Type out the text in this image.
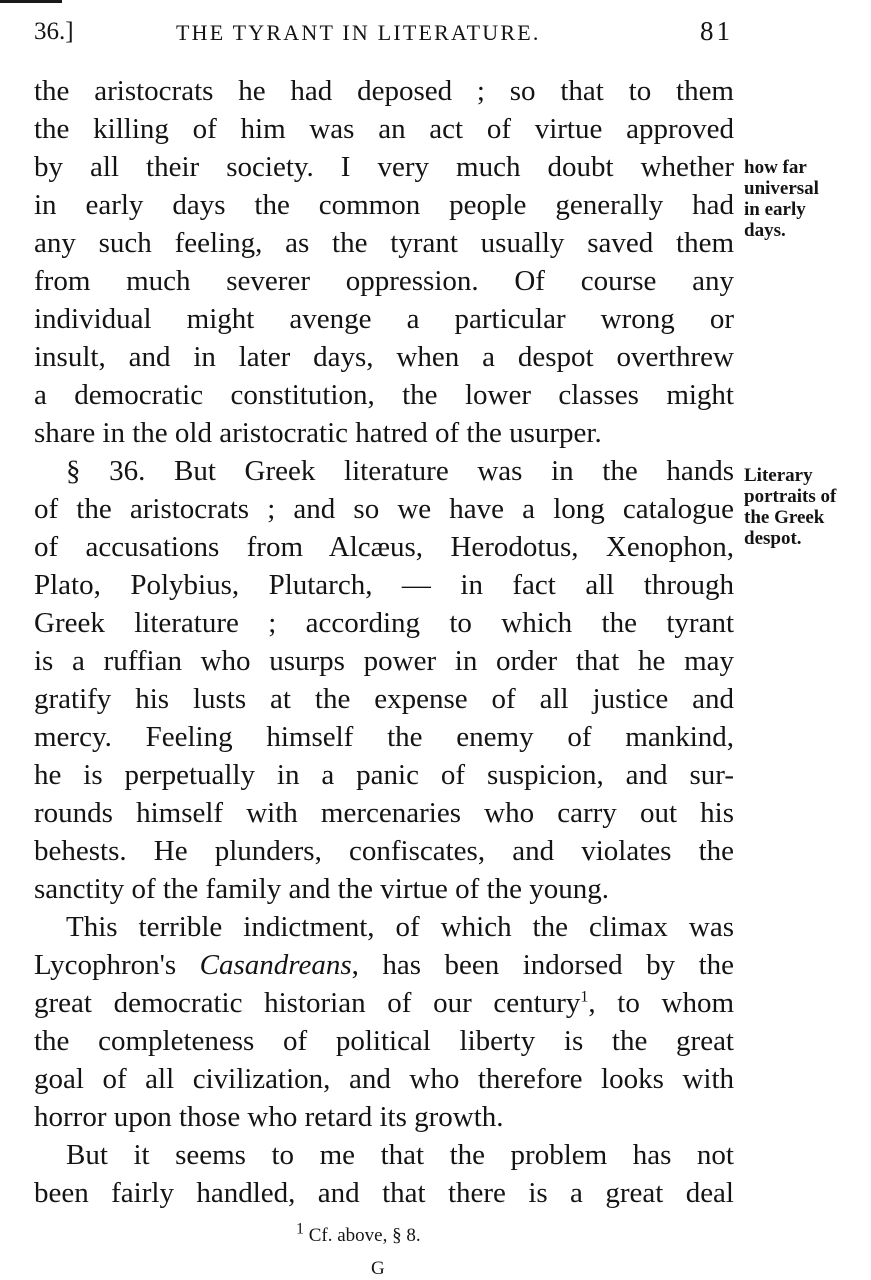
36.]	THE TYRANT IN LITERATURE.	81
the aristocrats he had deposed ; so that to them
the killing of him was an act of virtue approved
by all their society. I very much doubt whether
in early days the common people generally had
any such feeling, as the tyrant usually saved them
from much severer oppression. Of course any
individual might avenge a particular wrong or
insult, and in later days, when a despot overthrew
a democratic constitution, the lower classes might
share in the old aristocratic hatred of the usurper.
§ 36. But Greek literature was in the hands
of the aristocrats ; and so we have a long catalogue
of accusations from Alcæus, Herodotus, Xenophon,
Plato, Polybius, Plutarch, — in fact all through
Greek literature ; according to which the tyrant
is a ruffian who usurps power in order that he may
gratify his lusts at the expense of all justice and
mercy. Feeling himself the enemy of mankind,
he is perpetually in a panic of suspicion, and sur-
rounds himself with mercenaries who carry out his
behests. He plunders, confiscates, and violates the
sanctity of the family and the virtue of the young.
This terrible indictment, of which the climax was
Lycophron's Casandreans, has been indorsed by the
great democratic historian of our century$^1$, to whom
the completeness of political liberty is the great
goal of all civilization, and who therefore looks with
horror upon those who retard its growth.
But it seems to me that the problem has not
been fairly handled, and that there is a great deal
how far
universal
in early
days.
Literary
portraits of
the Greek
despot.
$^1$ Cf. above, § 8.
G
